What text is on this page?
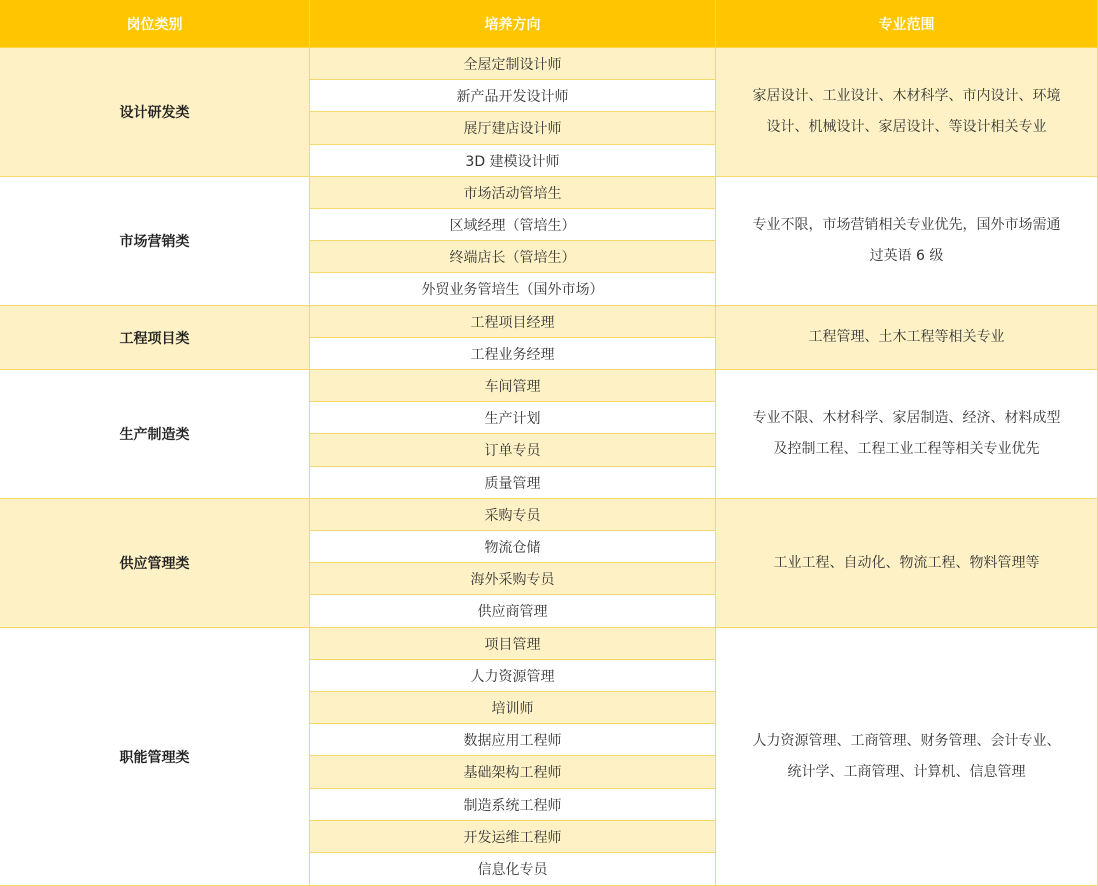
岗位类别	培养方向	专业范围
设计研发类
全屋定制设计师
新产品开发设计师
展厅建店设计师
3D 建模设计师
家居设计、工业设计、木材科学、市内设计、环境设计、机械设计、家居设计、等设计相关专业
市场营销类
市场活动管培生
区域经理（管培生）
终端店长（管培生）
外贸业务管培生（国外市场）
专业不限，市场营销相关专业优先，国外市场需通过英语 6 级
工程项目类
工程项目经理
工程业务经理
工程管理、土木工程等相关专业
生产制造类
车间管理
生产计划
订单专员
质量管理
专业不限、木材科学、家居制造、经济、材料成型及控制工程、工程工业工程等相关专业优先
供应管理类
采购专员
物流仓储
海外采购专员
供应商管理
工业工程、自动化、物流工程、物料管理等
职能管理类
项目管理
人力资源管理
培训师
数据应用工程师
基础架构工程师
制造系统工程师
开发运维工程师
信息化专员
人力资源管理、工商管理、财务管理、会计专业、统计学、工商管理、计算机、信息管理
